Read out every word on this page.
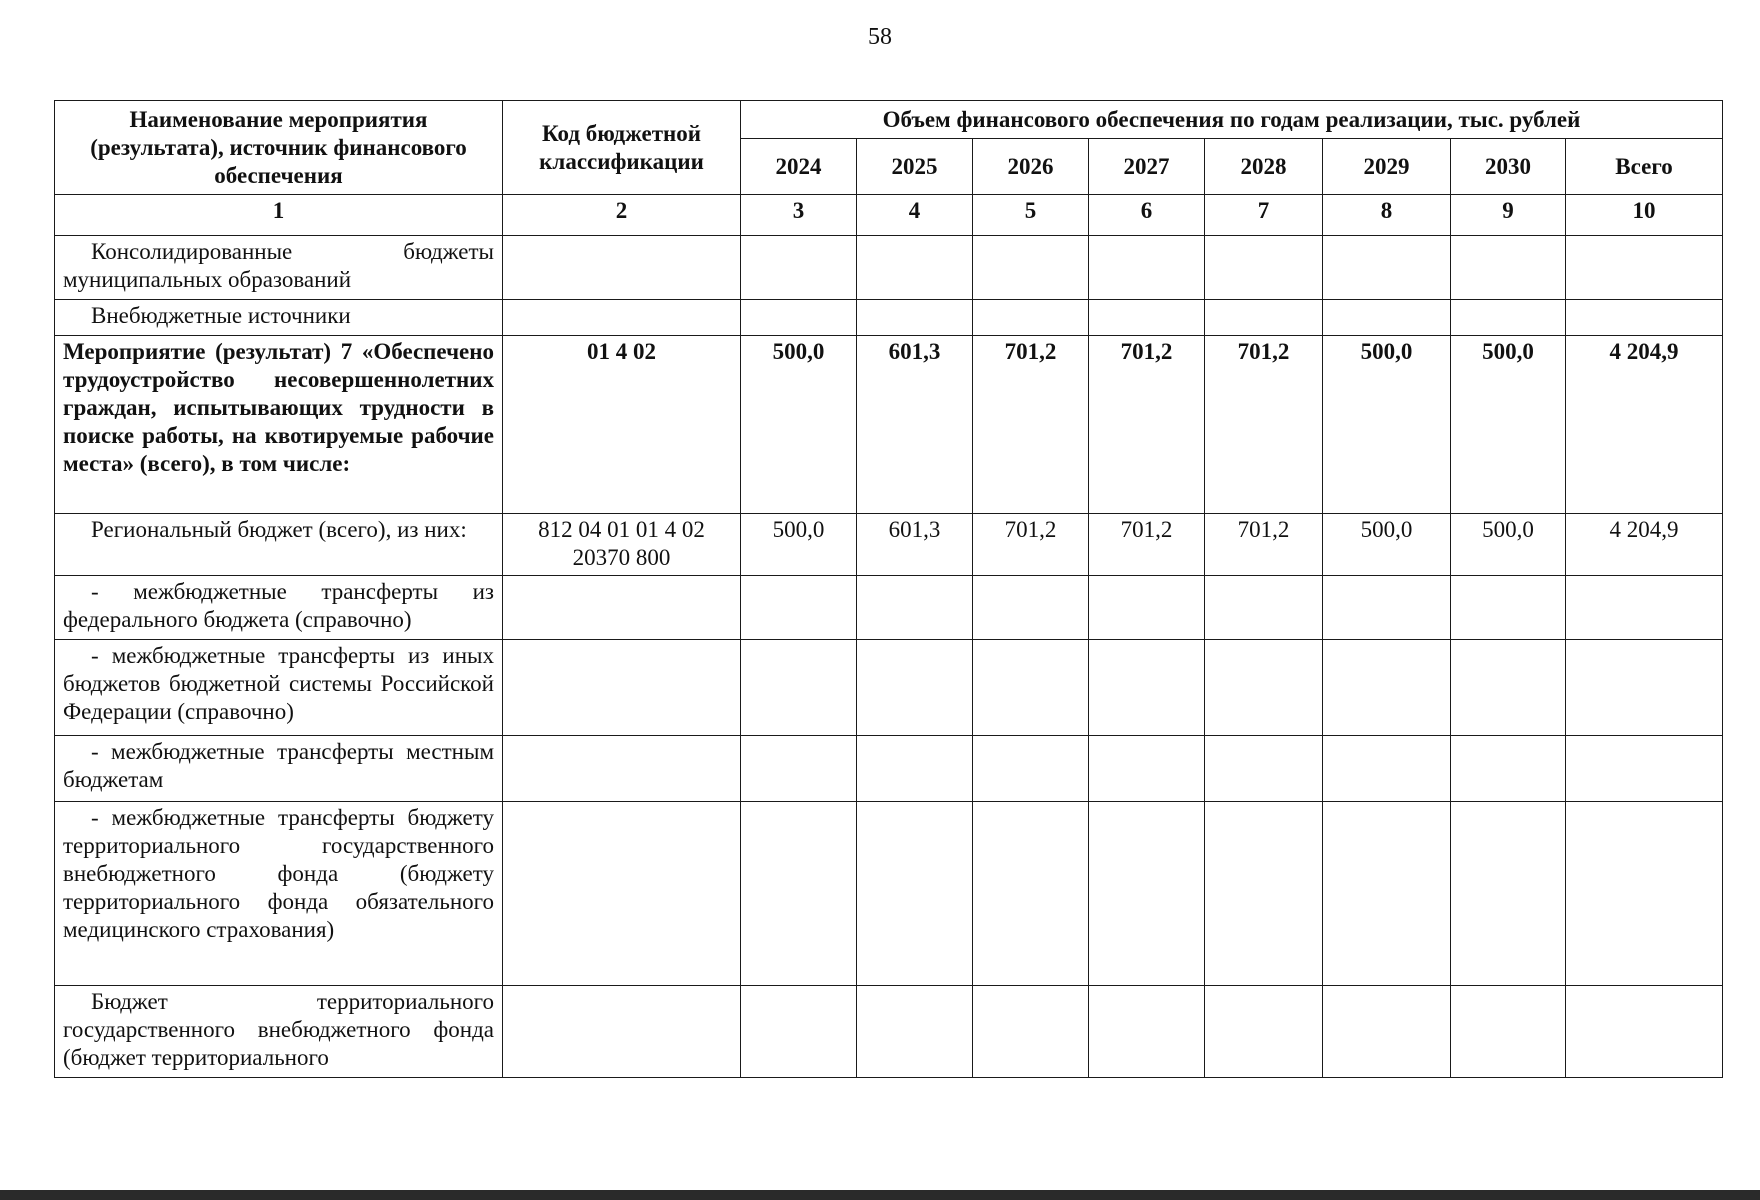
58
Наименование мероприятия (результата), источник финансового обеспечения	Код бюджетной классификации	Объем финансового обеспечения по годам реализации, тыс. рублей							
		2024	2025	2026	2027	2028	2029	2030	Всего
1	2	3	4	5	6	7	8	9	10
Консолидированные бюджеты муниципальных образований									
Внебюджетные источники									
Мероприятие (результат) 7 «Обеспечено трудоустройство несовершеннолетних граждан, испытывающих трудности в поиске работы, на квотируемые рабочие места» (всего), в том числе:	01 4 02	500,0	601,3	701,2	701,2	701,2	500,0	500,0	4 204,9
Региональный бюджет (всего), из них:	812 04 01 01 4 02 20370 800	500,0	601,3	701,2	701,2	701,2	500,0	500,0	4 204,9
- межбюджетные трансферты из федерального бюджета (справочно)									
- межбюджетные трансферты из иных бюджетов бюджетной системы Российской Федерации (справочно)									
- межбюджетные трансферты местным бюджетам									
- межбюджетные трансферты бюджету территориального государственного внебюджетного фонда (бюджету территориального фонда обязательного медицинского страхования)									
Бюджет территориального государственного внебюджетного фонда (бюджет территориального									
